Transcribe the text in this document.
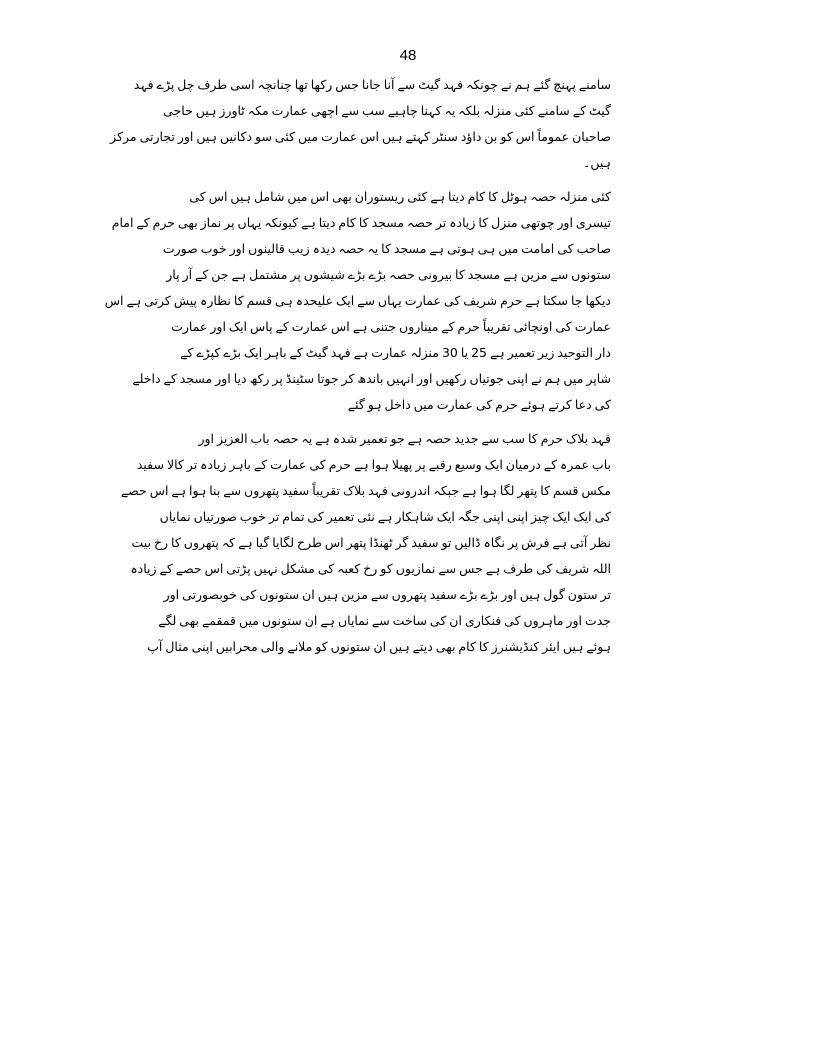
48
سامنے پہنچ گئے ہم نے چونکہ فہد گیٹ سے آنا جانا جس رکھا تھا چنانچہ اسی طرف چل پڑے فہد
گیٹ کے سامنے کئی منزلہ بلکہ یہ کہنا چاہیے سب سے اچھی عمارت مکہ ٹاورز ہیں حاجی
صاحبان عموماً اس کو بن داؤد سنٹر کہتے ہیں اس عمارت میں کئی سو دکانیں ہیں اور تجارتی مرکز
ہیں۔
کئی منزلہ حصہ ہوٹل کا کام دیتا ہے کئی ریستوران بھی اس میں شامل ہیں اس کی
تیسری اور چوتھی منزل کا زیادہ تر حصہ مسجد کا کام دیتا ہے کیونکہ یہاں پر نماز بھی حرم کے امام
صاحب کی امامت میں ہی ہوتی ہے مسجد کا یہ حصہ دیدہ زیب قالینوں اور خوب صورت
ستونوں سے مزین ہے مسجد کا بیرونی حصہ بڑے بڑے شیشوں پر مشتمل ہے جن کے آر پار
دیکھا جا سکتا ہے حرم شریف کی عمارت یہاں سے ایک علیحدہ ہی قسم کا نظارہ پیش کرتی ہے اس
عمارت کی اونچائی تقریباً حرم کے میناروں جتنی ہے اس عمارت کے پاس ایک اور عمارت
دار التوحید زیر تعمیر ہے 25 یا 30 منزلہ عمارت ہے فہد گیٹ کے باہر ایک بڑے کپڑے کے
شاپر میں ہم نے اپنی جوتیاں رکھیں اور انہیں باندھ کر جوتا سٹینڈ پر رکھ دیا اور مسجد کے داخلے
کی دعا کرتے ہوئے حرم کی عمارت میں داخل ہو گئے
فہد بلاک حرم کا سب سے جدید حصہ ہے جو تعمیر شدہ ہے یہ حصہ باب العزیز اور
باب عمرہ کے درمیان ایک وسیع رقبے پر پھیلا ہوا ہے حرم کی عمارت کے باہر زیادہ تر کالا سفید
مکس قسم کا پتھر لگا ہوا ہے جبکہ اندرونی فہد بلاک تقریباً سفید پتھروں سے بنا ہوا ہے اس حصے
کی ایک ایک چیز اپنی اپنی جگہ ایک شاہکار ہے نئی تعمیر کی تمام تر خوب صورتیاں نمایاں
نظر آتی ہے فرش پر نگاہ ڈالیں تو سفید گر ٹھنڈا پتھر اس طرح لگایا گیا ہے کہ پتھروں کا رخ بیت
اللہ شریف کی طرف ہے جس سے نمازیوں کو رخ کعبہ کی مشکل نہیں پڑتی اس حصے کے زیادہ
تر ستون گول ہیں اور بڑے بڑے سفید پتھروں سے مزین ہیں ان ستونوں کی خوبصورتی اور
جدت اور ماہروں کی فنکاری ان کی ساخت سے نمایاں ہے ان ستونوں میں قمقمے بھی لگے
ہوئے ہیں ایئر کنڈیشنرز کا کام بھی دیتے ہیں ان ستونوں کو ملانے والی محرابیں اپنی مثال آپ
